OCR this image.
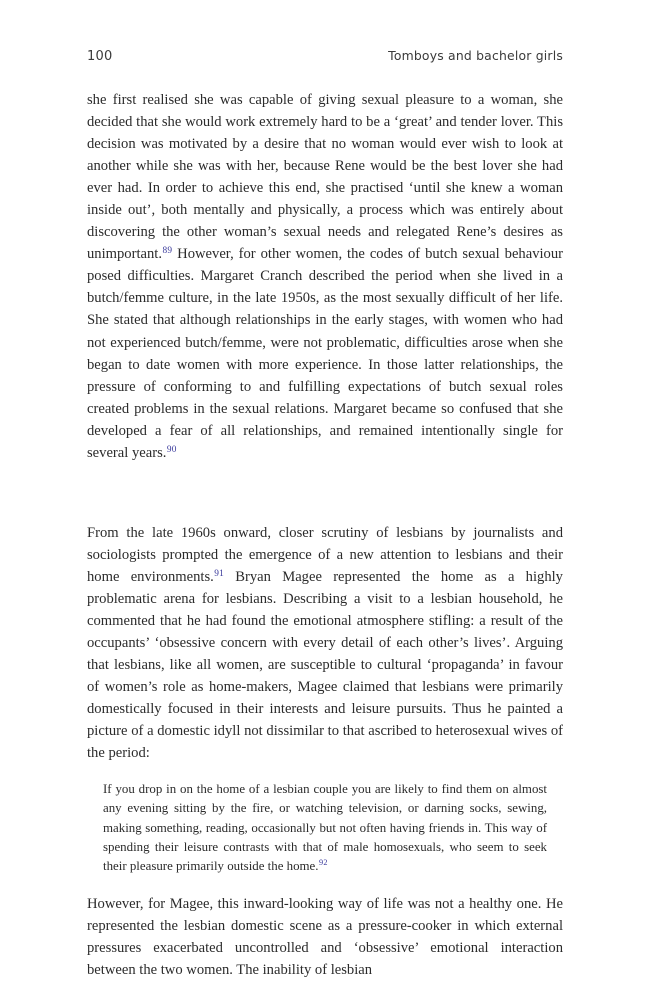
100	Tomboys and bachelor girls

she first realised she was capable of giving sexual pleasure to a woman, she decided that she would work extremely hard to be a ‘great’ and tender lover. This decision was motivated by a desire that no woman would ever wish to look at another while she was with her, because Rene would be the best lover she had ever had. In order to achieve this end, she practised ‘until she knew a woman inside out’, both mentally and physically, a process which was entirely about discovering the other woman’s sexual needs and relegated Rene’s desires as unimportant.$^{89}$ However, for other women, the codes of butch sexual behaviour posed difficulties. Margaret Cranch described the period when she lived in a butch/femme culture, in the late 1950s, as the most sexually difficult of her life. She stated that although relationships in the early stages, with women who had not experienced butch/femme, were not problematic, difficulties arose when she began to date women with more experience. In those latter relationships, the pressure of conforming to and fulfilling expectations of butch sexual roles created problems in the sexual relations. Margaret became so confused that she developed a fear of all relationships, and remained intentionally single for several years.$^{90}$

From the late 1960s onward, closer scrutiny of lesbians by journalists and sociologists prompted the emergence of a new attention to lesbians and their home environments.$^{91}$ Bryan Magee represented the home as a highly problematic arena for lesbians. Describing a visit to a lesbian household, he commented that he had found the emotional atmosphere stifling: a result of the occupants’ ‘obsessive concern with every detail of each other’s lives’. Arguing that lesbians, like all women, are susceptible to cultural ‘propaganda’ in favour of women’s role as home-makers, Magee claimed that lesbians were primarily domestically focused in their interests and leisure pursuits. Thus he painted a picture of a domestic idyll not dissimilar to that ascribed to heterosexual wives of the period:

If you drop in on the home of a lesbian couple you are likely to find them on almost any evening sitting by the fire, or watching television, or darning socks, sewing, making something, reading, occasionally but not often having friends in. This way of spending their leisure contrasts with that of male homosexuals, who seem to seek their pleasure primarily outside the home.$^{92}$

However, for Magee, this inward-looking way of life was not a healthy one. He represented the lesbian domestic scene as a pressure-cooker in which external pressures exacerbated uncontrolled and ‘obsessive’ emotional interaction between the two women. The inability of lesbian
